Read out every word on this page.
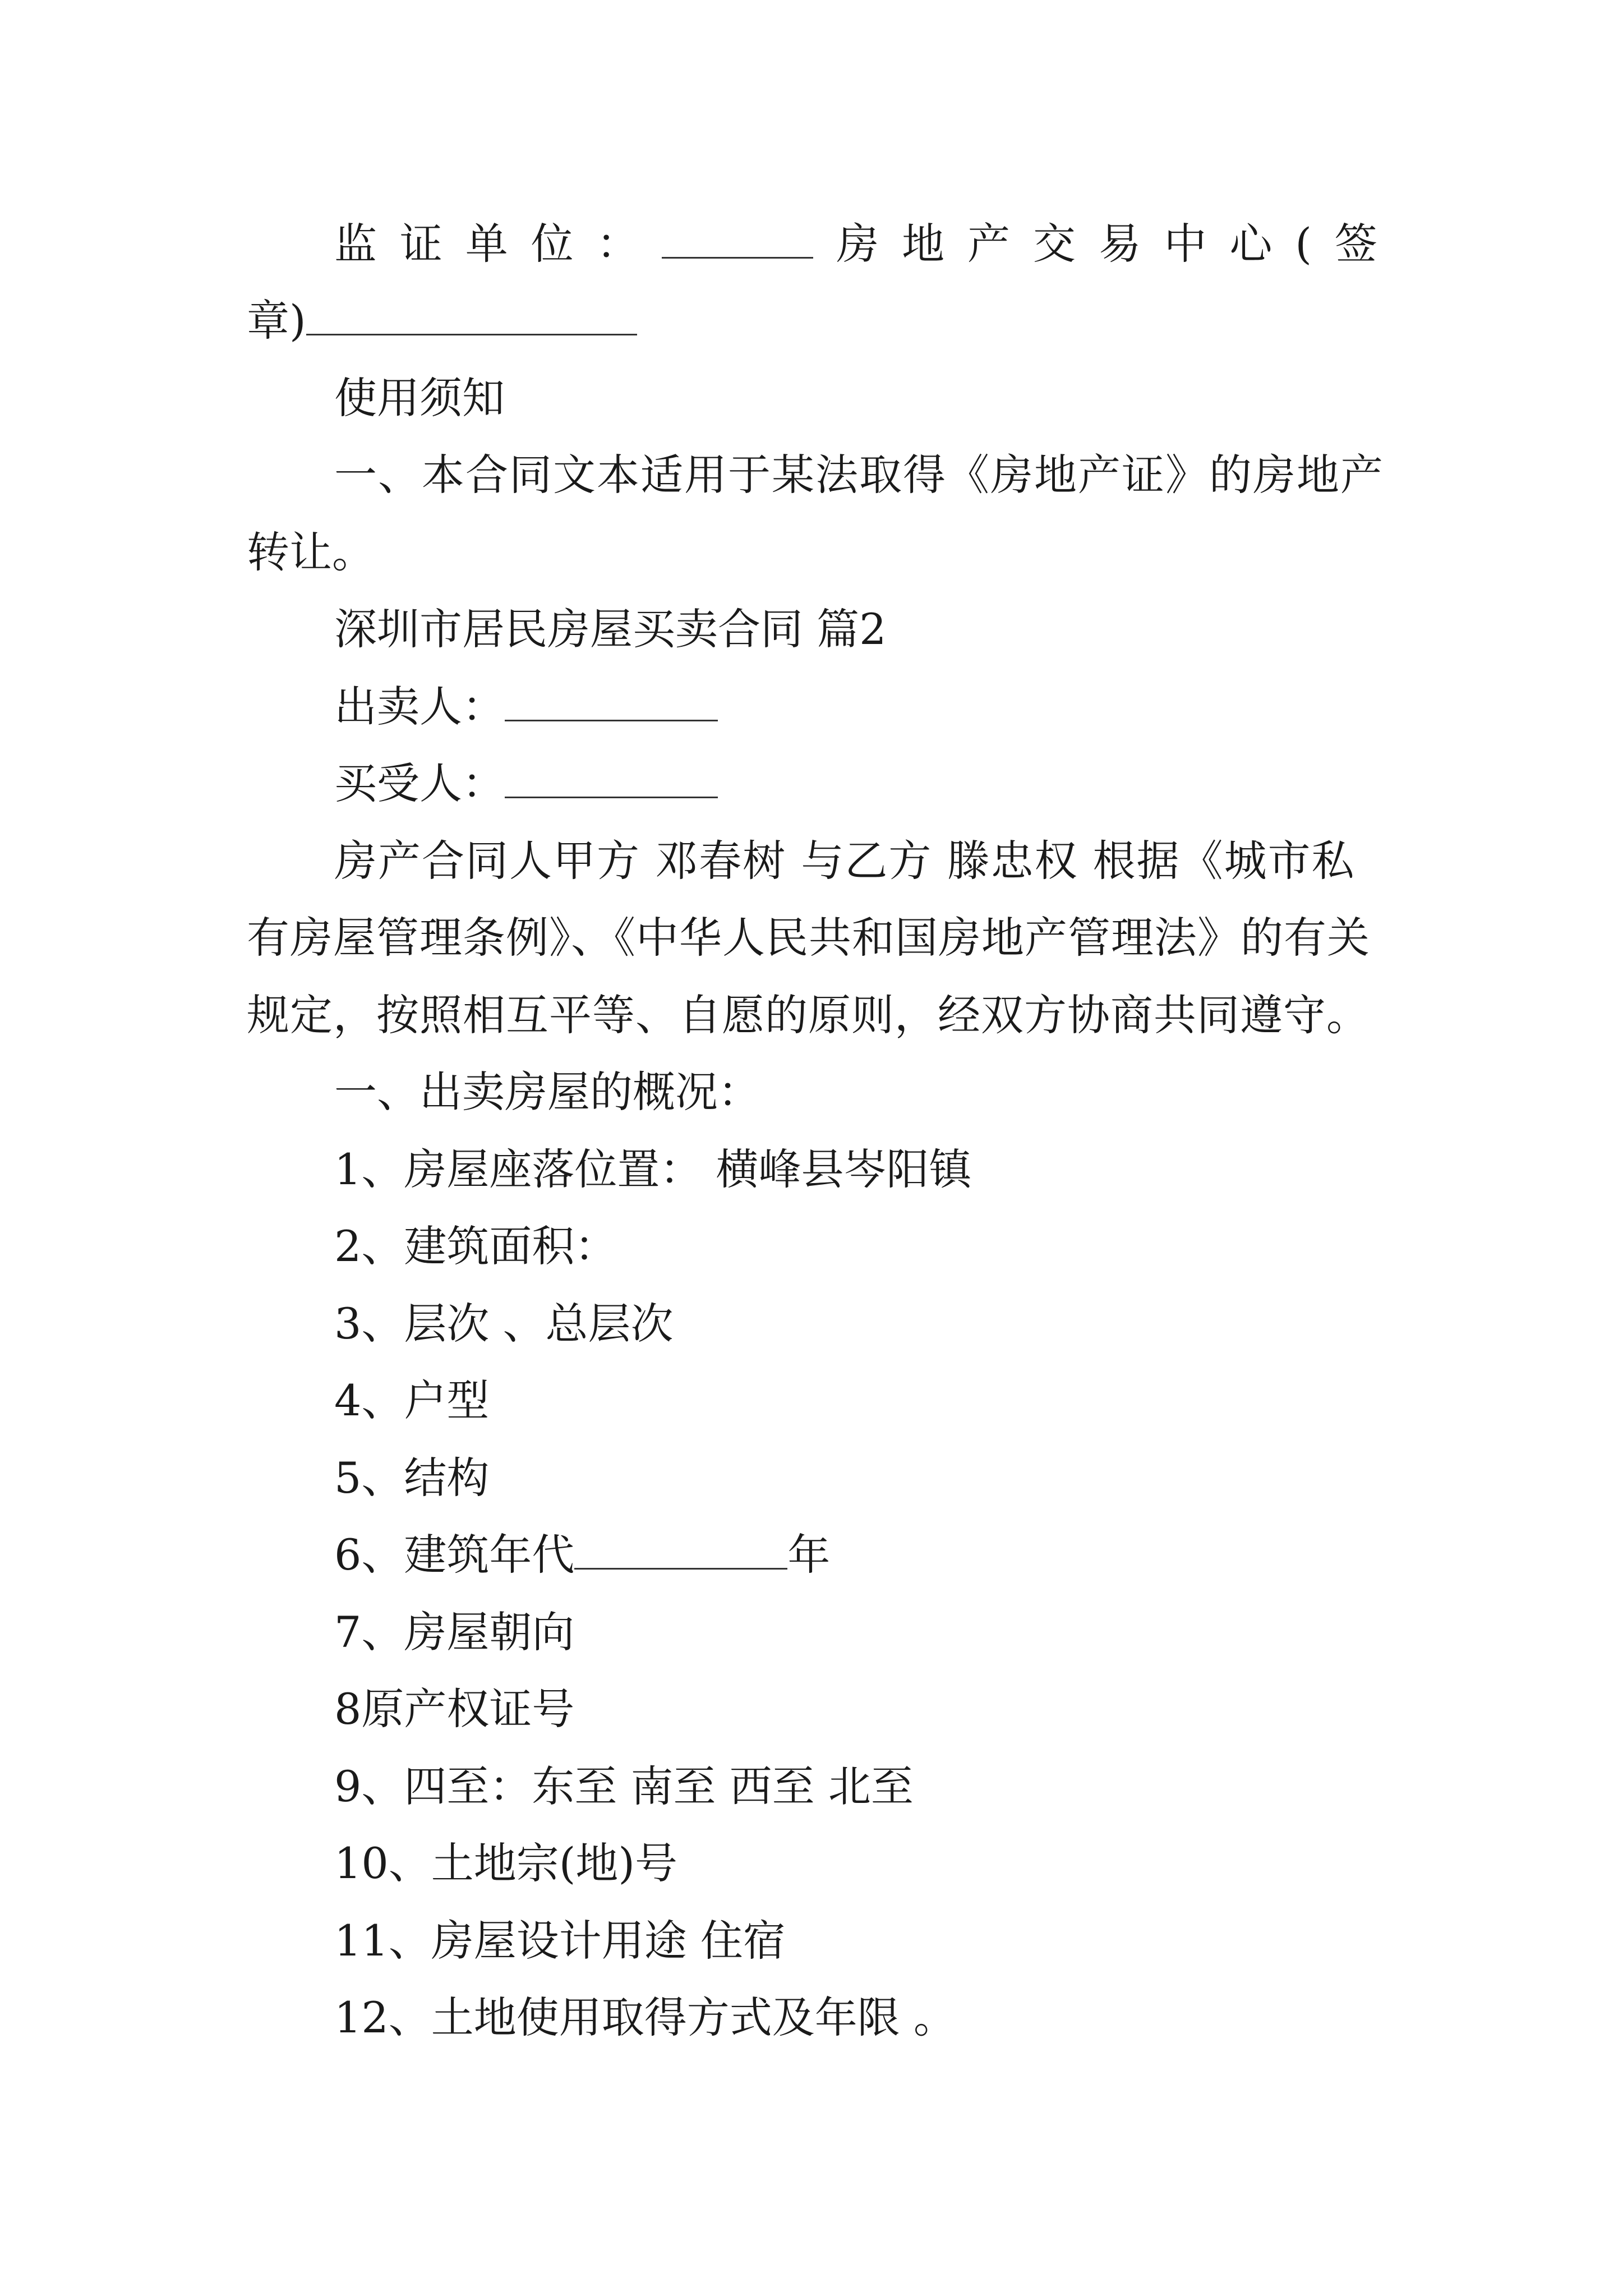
监 证 单 位 ：	房 地 产 交 易 中 心 ( 签
章)
使用须知
一、本合同文本适用于某法取得《房地产证》的房地产
转让。
深圳市居民房屋买卖合同 篇2
出卖人：
买受人：
房产合同人甲方 邓春树 与乙方 滕忠权 根据《城市私
有房屋管理条例》、《中华人民共和国房地产管理法》的有关
规定，按照相互平等、自愿的原则，经双方协商共同遵守。
一、出卖房屋的概况：
1、房屋座落位置： 横峰县岑阳镇
2、建筑面积：
3、层次 、总层次
4、户型
5、结构
6、建筑年代	年
7、房屋朝向
8原产权证号
9、四至：东至 南至 西至 北至
10、土地宗(地)号
11、房屋设计用途 住宿
12、土地使用取得方式及年限 。
